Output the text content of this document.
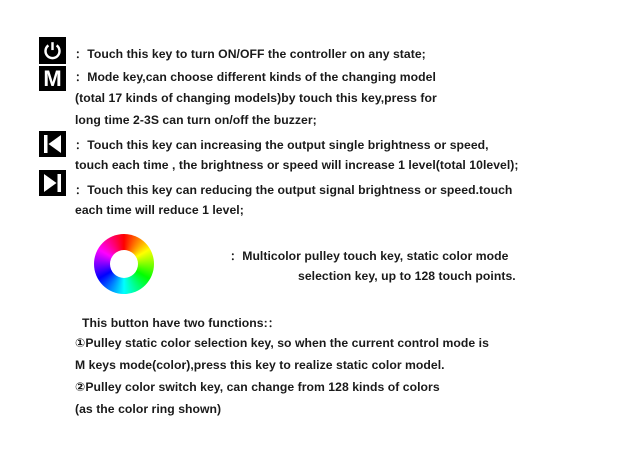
：Touch this key to turn ON/OFF the controller on any state;
M ：Mode key,can choose different kinds of the changing model
(total 17 kinds of changing models)by touch this key,press for
long time 2-3S can turn on/off the buzzer;
：Touch this key can increasing the output single brightness or speed,
touch each time , the brightness or speed will increase 1 level(total 10level);
：Touch this key can reducing the output signal brightness or speed.touch
each time will reduce 1 level;
：Multicolor pulley touch key, static color mode
selection key, up to 128 touch points.
This button have two functions:：
①Pulley static color selection key, so when the current control mode is
M keys mode(color),press this key to realize static color model.
②Pulley color switch key, can change from 128 kinds of colors
(as the color ring shown)
